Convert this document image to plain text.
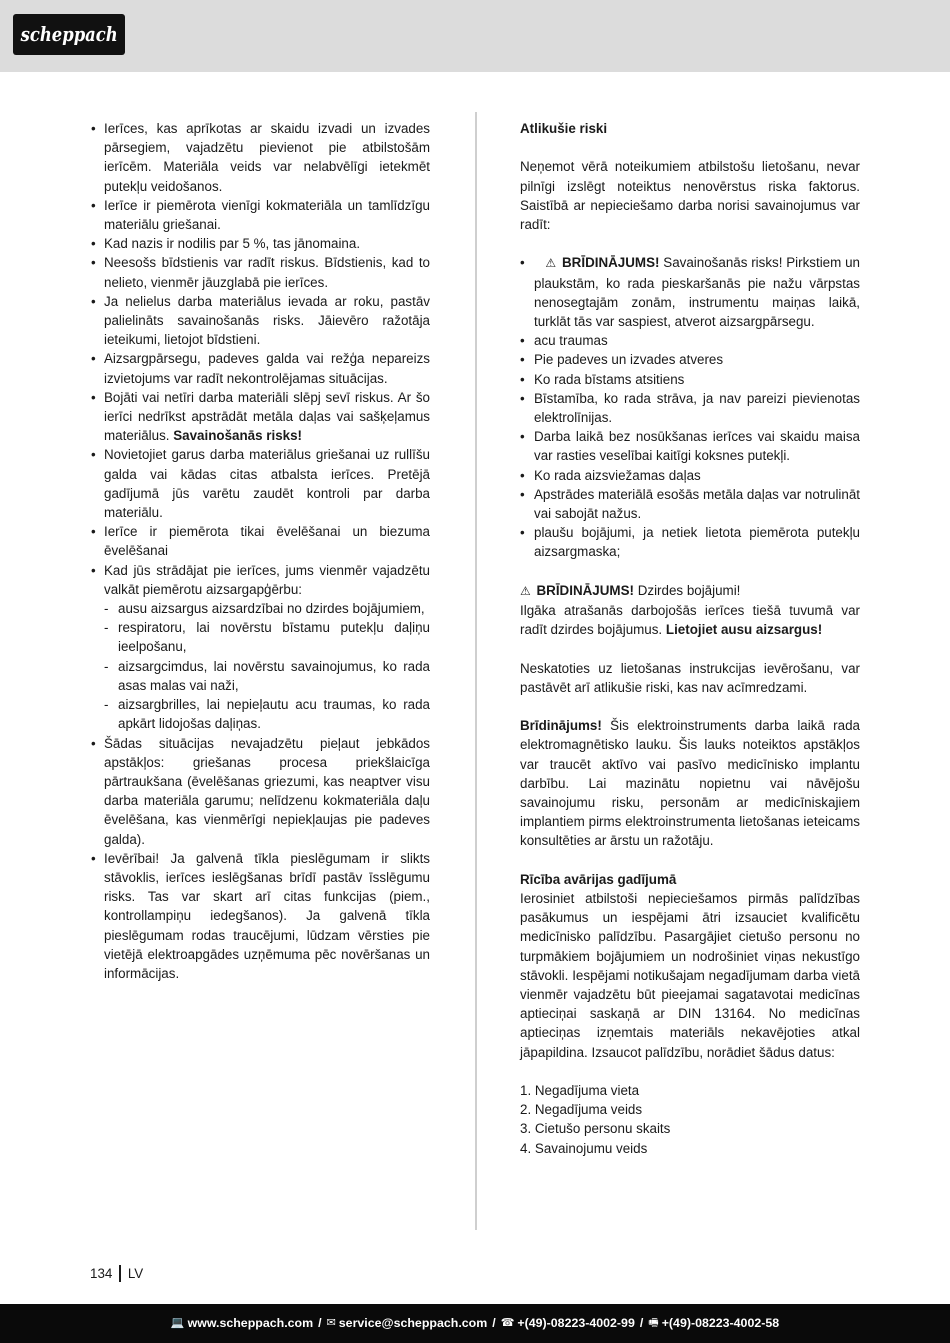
scheppach
• Ierīces, kas aprīkotas ar skaidu izvadi un izvades pārsegiem, vajadzētu pievienot pie atbilstošām ierīcēm. Materiāla veids var nelabvēlīgi ietekmēt putekļu veidošanos.
• Ierīce ir piemērota vienīgi kokmateriāla un tamlīdzīgu materiālu griešanai.
• Kad nazis ir nodilis par 5 %, tas jānomaina.
• Neesošs bīdstienis var radīt riskus. Bīdstienis, kad to nelieto, vienmēr jāuzglabā pie ierīces.
• Ja nelielus darba materiālus ievada ar roku, pastāv palielināts savainošanās risks. Jāievēro ražotāja ieteikumi, lietojot bīdstieni.
• Aizsargpārsegu, padeves galda vai režģa nepareizs izvietojums var radīt nekontrolējamas situācijas.
• Bojāti vai netīri darba materiāli slēpj sevī riskus. Ar šo ierīci nedrīkst apstrādāt metāla daļas vai sašķeļamus materiālus. Savainošanās risks!
• Novietojiet garus darba materiālus griešanai uz rullīšu galda vai kādas citas atbalsta ierīces. Pretējā gadījumā jūs varētu zaudēt kontroli par darba materiālu.
• Ierīce ir piemērota tikai ēvelēšanai un biezuma ēvelēšanai
• Kad jūs strādājat pie ierīces, jums vienmēr vajadzētu valkāt piemērotu aizsargapģērbu:
- ausu aizsargus aizsardzībai no dzirdes bojājumiem,
- respiratoru, lai novērstu bīstamu putekļu daļiņu ieelpošanu,
- aizsargcimdus, lai novērstu savainojumus, ko rada asas malas vai naži,
- aizsargbrilles, lai nepieļautu acu traumas, ko rada apkārt lidojošas daļiņas.
• Šādas situācijas nevajadzētu pieļaut jebkādos apstākļos: griešanas procesa priekšlaicīga pārtraukšana (ēvelēšanas griezumi, kas neaptver visu darba materiāla garumu; nelīdzenu kokmateriāla daļu ēvelēšana, kas vienmērīgi nepiekļaujas pie padeves galda).
• Ievērībai! Ja galvenā tīkla pieslēgumam ir slikts stāvoklis, ierīces ieslēgšanas brīdī pastāv īsslēgumu risks. Tas var skart arī citas funkcijas (piem., kontrollampiņu iedegšanos). Ja galvenā tīkla pieslēgumam rodas traucējumi, lūdzam vērsties pie vietējā elektroapgādes uzņēmuma pēc novēršanas un informācijas.

Atlikušie riski

Neņemot vērā noteikumiem atbilstošu lietošanu, nevar pilnīgi izslēgt noteiktus nenovērstus riska faktorus. Saistībā ar nepieciešamo darba norisi savainojumus var radīt:

• ⚠ BRĪDINĀJUMS! Savainošanās risks! Pirkstiem un plaukstām, ko rada pieskaršanās pie nažu vārpstas nenosegtajām zonām, instrumentu maiņas laikā, turklāt tās var saspiest, atverot aizsargpārsegu.
• acu traumas
• Pie padeves un izvades atveres
• Ko rada bīstams atsitiens
• Bīstamība, ko rada strāva, ja nav pareizi pievienotas elektrolīnijas.
• Darba laikā bez nosūkšanas ierīces vai skaidu maisa var rasties veselībai kaitīgi koksnes putekļi.
• Ko rada aizsviežamas daļas
• Apstrādes materiālā esošās metāla daļas var notrulināt vai sabojāt nažus.
• plaušu bojājumi, ja netiek lietota piemērota putekļu aizsargmaska;

⚠ BRĪDINĀJUMS! Dzirdes bojājumi!

Ilgāka atrašanās darbojošās ierīces tiešā tuvumā var radīt dzirdes bojājumus. Lietojiet ausu aizsargus!

Neskatoties uz lietošanas instrukcijas ievērošanu, var pastāvēt arī atlikušie riski, kas nav acīmredzami.

Brīdinājums! Šis elektroinstruments darba laikā rada elektromagnētisko lauku. Šis lauks noteiktos apstākļos var traucēt aktīvo vai pasīvo medicīnisko implantu darbību. Lai mazinātu nopietnu vai nāvējošu savainojumu risku, personām ar medicīniskajiem implantiem pirms elektroinstrumenta lietošanas ieteicams konsultēties ar ārstu un ražotāju.

Rīcība avārijas gadījumā

Ierosiniet atbilstoši nepieciešamos pirmās palīdzības pasākumus un iespējami ātri izsauciet kvalificētu medicīnisko palīdzību. Pasargājiet cietušo personu no turpmākiem bojājumiem un nodrošiniet viņas nekustīgo stāvokli. Iespējami notikušajam negadījumam darba vietā vienmēr vajadzētu būt pieejamai sagatavotai medicīnas aptieciņai saskaņā ar DIN 13164. No medicīnas aptieciņas izņemtais materiāls nekavējoties atkal jāpapildina. Izsaucot palīdzību, norādiet šādus datus:

1. Negadījuma vieta
2. Negadījuma veids
3. Cietušo personu skaits
4. Savainojumu veids
134 LV
💻 www.scheppach.com / ✉ service@scheppach.com / ☎ +(49)-08223-4002-99 / 🖷 +(49)-08223-4002-58
